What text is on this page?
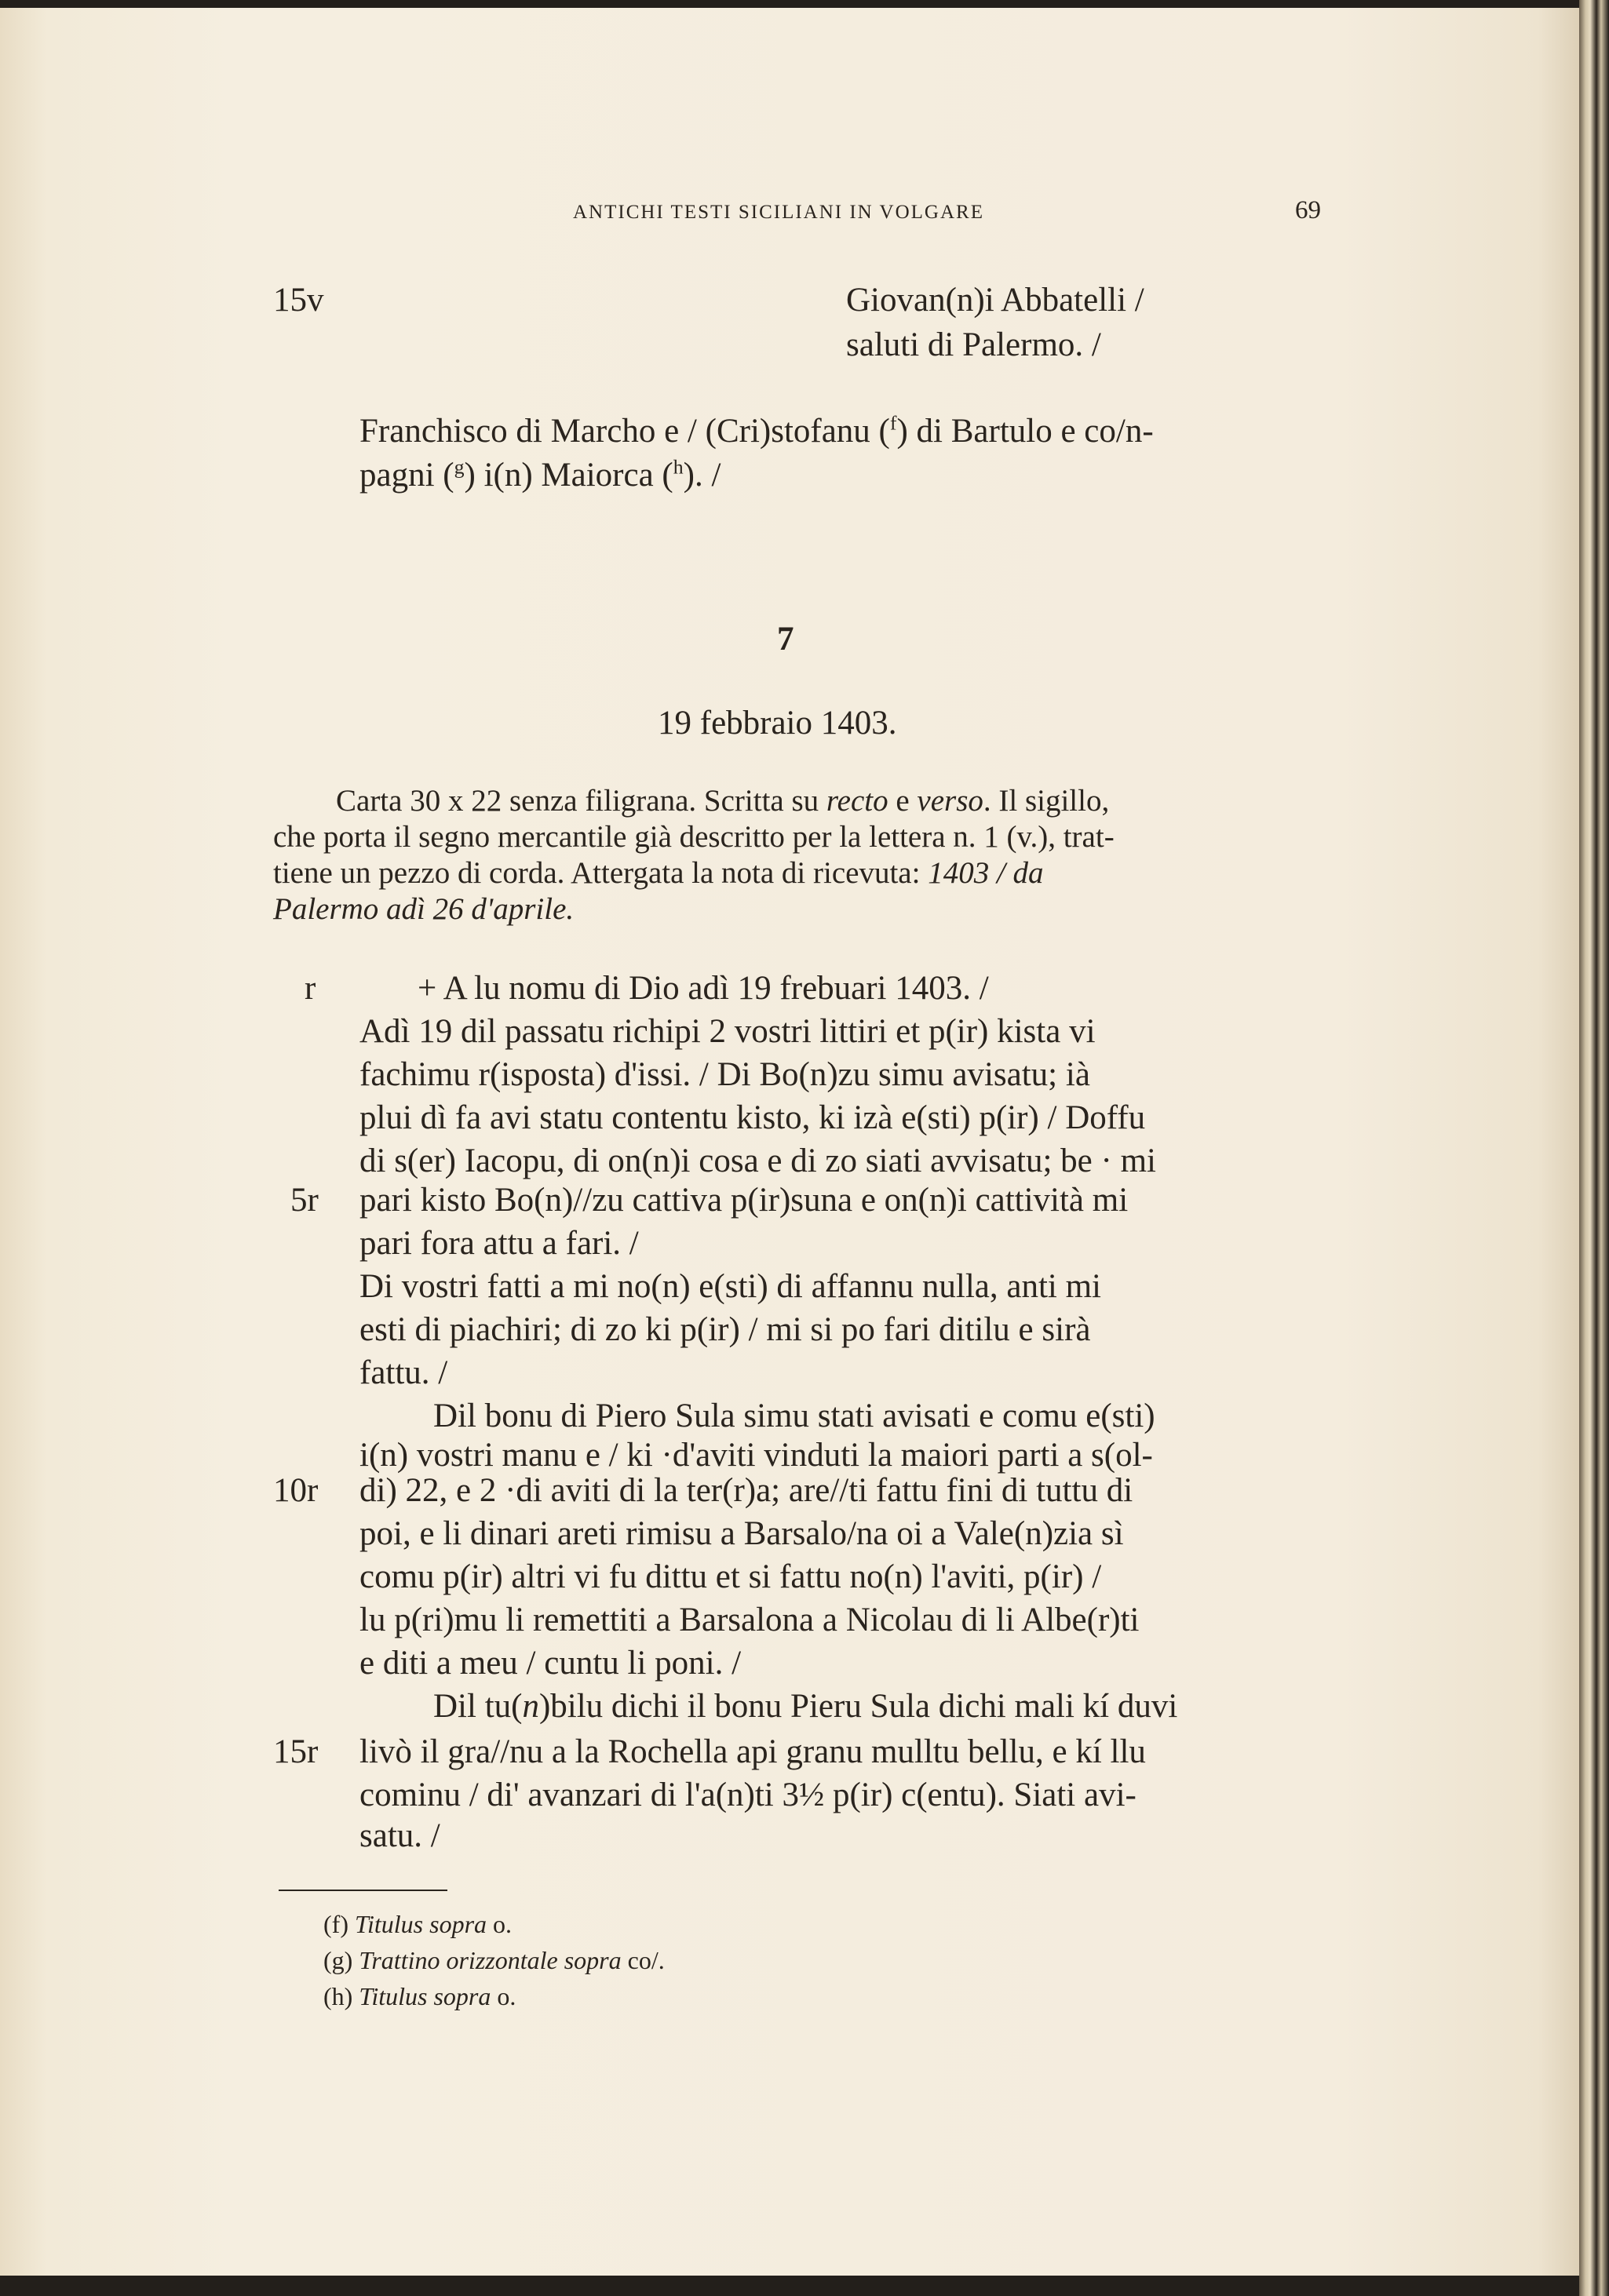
ANTICHI TESTI SICILIANI IN VOLGARE	69
15v	Giovan(n)i Abbatelli /
saluti di Palermo. /
Franchisco di Marcho e / (Cri)stofanu ($^f$) di Bartulo e co/n-
pagni ($^g$) i(n) Maiorca ($^h$). /
7
19 febbraio 1403.
Carta 30 x 22 senza filigrana. Scritta su recto e verso. Il sigillo,
che porta il segno mercantile già descritto per la lettera n. 1 (v.), trat-
tiene un pezzo di corda. Attergata la nota di ricevuta: 1403 / da
Palermo adì 26 d'aprile.
r
5r
10r
15r
+ A lu nomu di Dio adì 19 frebuari 1403. /
Adì 19 dil passatu richipi 2 vostri littiri et p(ir) kista vi
fachimu r(isposta) d'issi. / Di Bo(n)zu simu avisatu; ià
plui dì fa avi statu contentu kisto, ki izà e(sti) p(ir) / Doffu
di s(er) Iacopu, di on(n)i cosa e di zo siati avvisatu; be · mi
pari kisto Bo(n)//zu cattiva p(ir)suna e on(n)i cattività mi
pari fora attu a fari. /
Di vostri fatti a mi no(n) e(sti) di affannu nulla, anti mi
esti di piachiri; di zo ki p(ir) / mi si po fari ditilu e sirà
fattu. /
Dil bonu di Piero Sula simu stati avisati e comu e(sti)
i(n) vostri manu e / ki ·d'aviti vinduti la maiori parti a s(ol-
di) 22, e 2 ·di aviti di la ter(r)a; are//ti fattu fini di tuttu di
poi, e li dinari areti rimisu a Barsalo/na oi a Vale(n)zia sì
comu p(ir) altri vi fu dittu et si fattu no(n) l'aviti, p(ir) /
lu p(ri)mu li remettiti a Barsalona a Nicolau di li Albe(r)ti
e diti a meu / cuntu li poni. /
Dil tu(n)bilu dichi il bonu Pieru Sula dichi mali kí duvi
livò il gra//nu a la Rochella api granu mulltu bellu, e kí llu
cominu / di' avanzari di l'a(n)ti 3½ p(ir) c(entu). Siati avi-
satu. /
(f) Titulus sopra o.
(g) Trattino orizzontale sopra co/.
(h) Titulus sopra o.
